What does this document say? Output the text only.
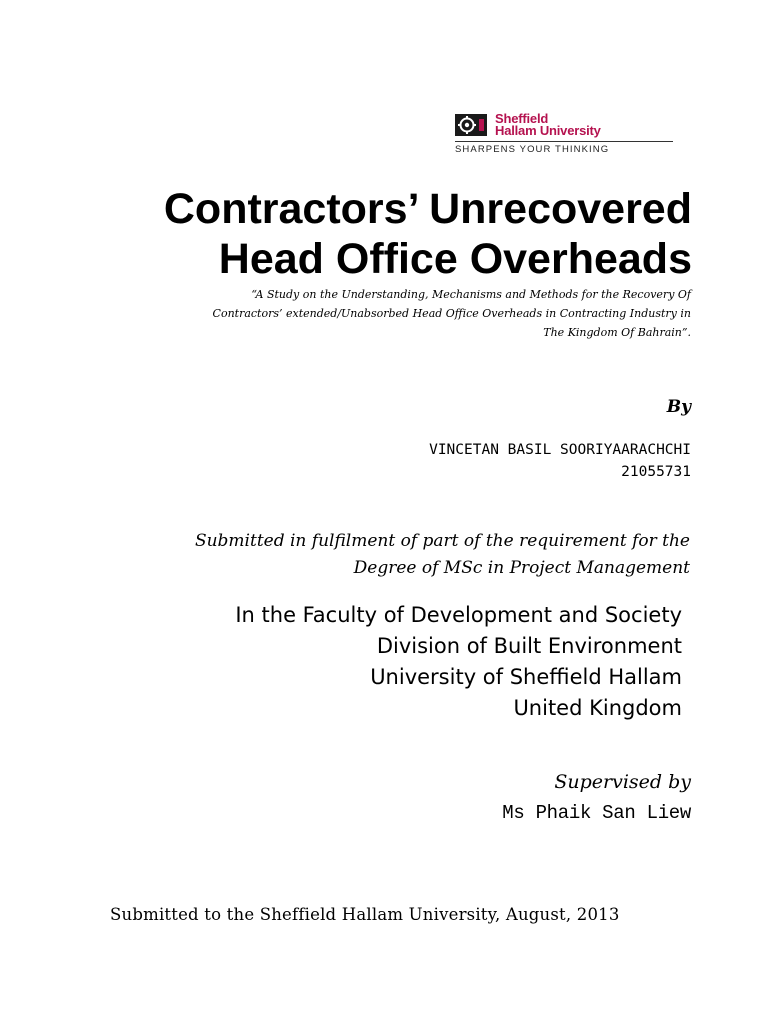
Sheffield
Hallam University
SHARPENS YOUR THINKING
Contractors’ Unrecovered
Head Office Overheads
“A Study on the Understanding, Mechanisms and Methods for the Recovery Of
Contractors’ extended/Unabsorbed Head Office Overheads in Contracting Industry in
The Kingdom Of Bahrain”.
By
VINCETAN BASIL SOORIYAARACHCHI
21055731
Submitted in fulfilment of part of the requirement for the
Degree of MSc in Project Management
In the Faculty of Development and Society
Division of Built Environment
University of Sheffield Hallam
United Kingdom
Supervised by
Ms Phaik San Liew
Submitted to the Sheffield Hallam University, August, 2013
